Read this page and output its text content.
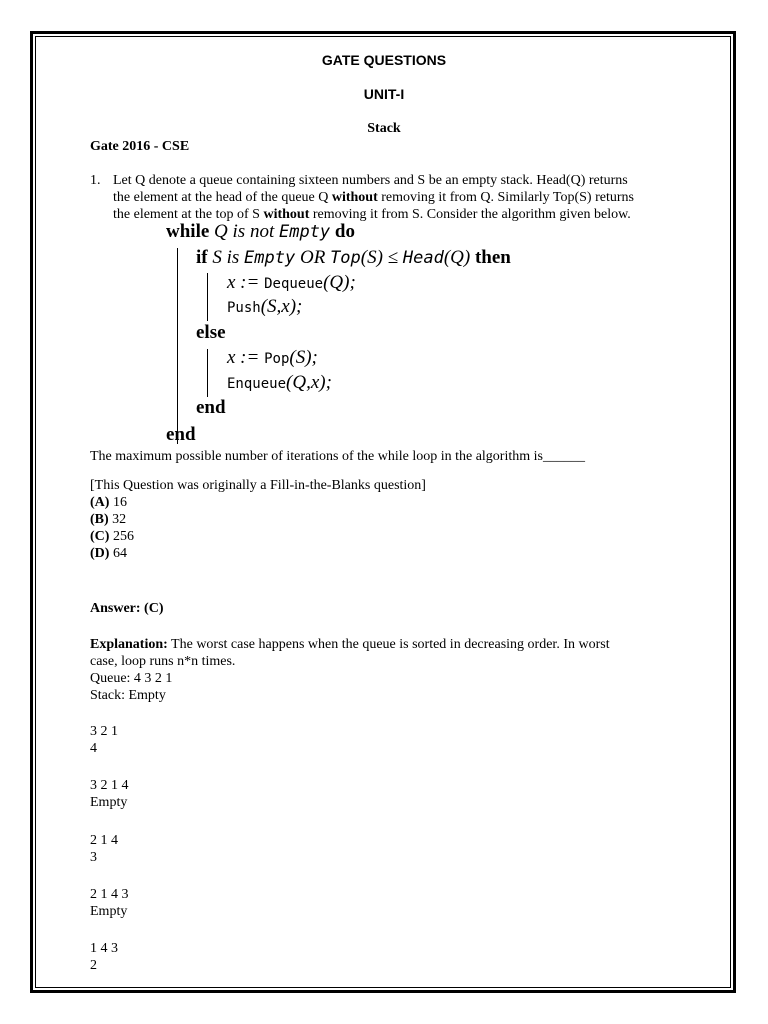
GATE QUESTIONS
UNIT-I
Stack
Gate 2016 - CSE
1. Let Q denote a queue containing sixteen numbers and S be an empty stack. Head(Q) returns
the element at the head of the queue Q without removing it from Q. Similarly Top(S) returns
the element at the top of S without removing it from S. Consider the algorithm given below.
while Q is not Empty do
if S is Empty OR Top(S) ≤ Head(Q) then
x := Dequeue(Q);
Push(S,x);
else
x := Pop(S);
Enqueue(Q,x);
end
end
The maximum possible number of iterations of the while loop in the algorithm is______
[This Question was originally a Fill-in-the-Blanks question]
(A) 16
(B) 32
(C) 256
(D) 64
Answer: (C)
Explanation: The worst case happens when the queue is sorted in decreasing order. In worst
case, loop runs n*n times.
Queue: 4 3 2 1
Stack: Empty
3 2 1
4
3 2 1 4
Empty
2 1 4
3
2 1 4 3
Empty
1 4 3
2
